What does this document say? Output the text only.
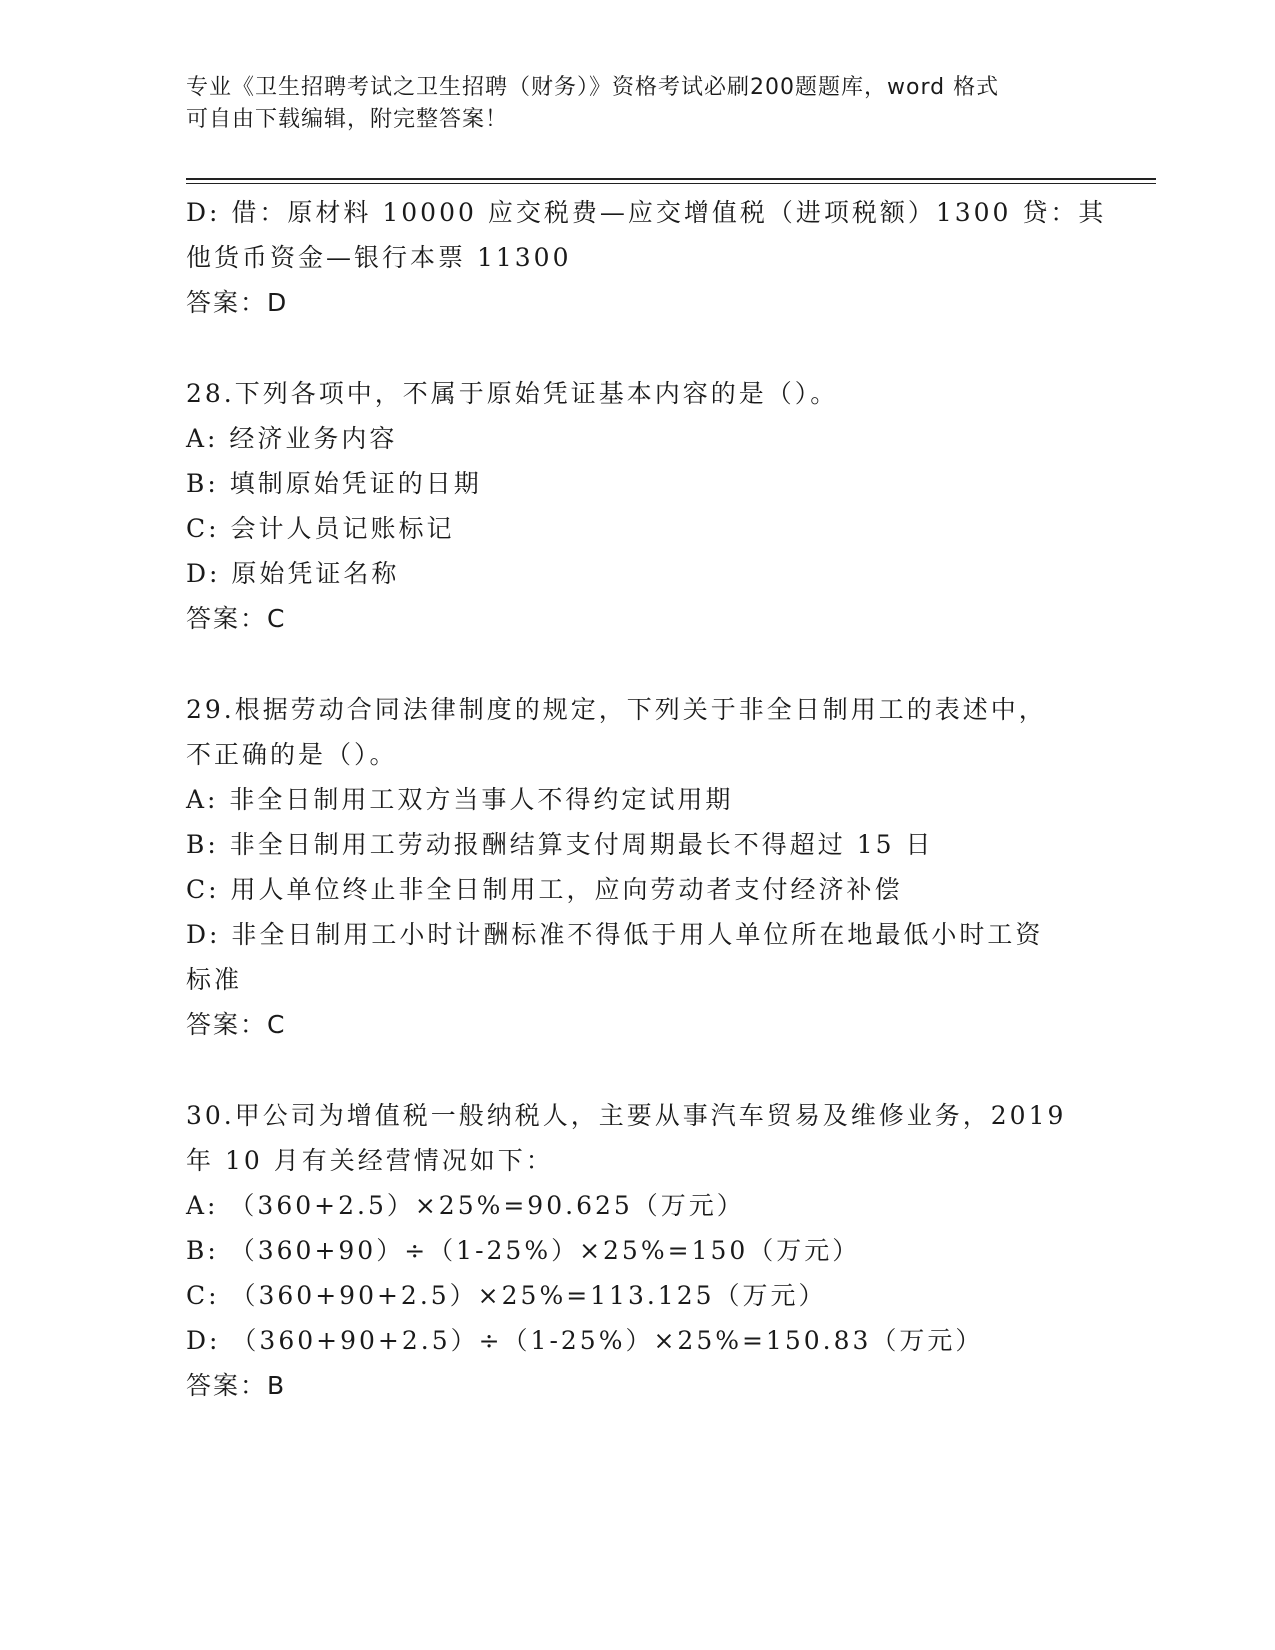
专业《卫生招聘考试之卫生招聘（财务）》资格考试必刷200题题库，word 格式
可自由下载编辑，附完整答案！
D: 借：原材料 10000 应交税费—应交增值税（进项税额）1300 贷：其
他货币资金—银行本票 11300
答案：D
28.下列各项中，不属于原始凭证基本内容的是（）。
A: 经济业务内容
B: 填制原始凭证的日期
C: 会计人员记账标记
D: 原始凭证名称
答案：C
29.根据劳动合同法律制度的规定，下列关于非全日制用工的表述中，
不正确的是（）。
A: 非全日制用工双方当事人不得约定试用期
B: 非全日制用工劳动报酬结算支付周期最长不得超过 15 日
C: 用人单位终止非全日制用工，应向劳动者支付经济补偿
D: 非全日制用工小时计酬标准不得低于用人单位所在地最低小时工资
标准
答案：C
30.甲公司为增值税一般纳税人，主要从事汽车贸易及维修业务，2019
年 10 月有关经营情况如下：
A: （360+2.5）×25%=90.625（万元）
B: （360+90）÷（1-25%）×25%=150（万元）
C: （360+90+2.5）×25%=113.125（万元）
D: （360+90+2.5）÷（1-25%）×25%=150.83（万元）
答案：B
